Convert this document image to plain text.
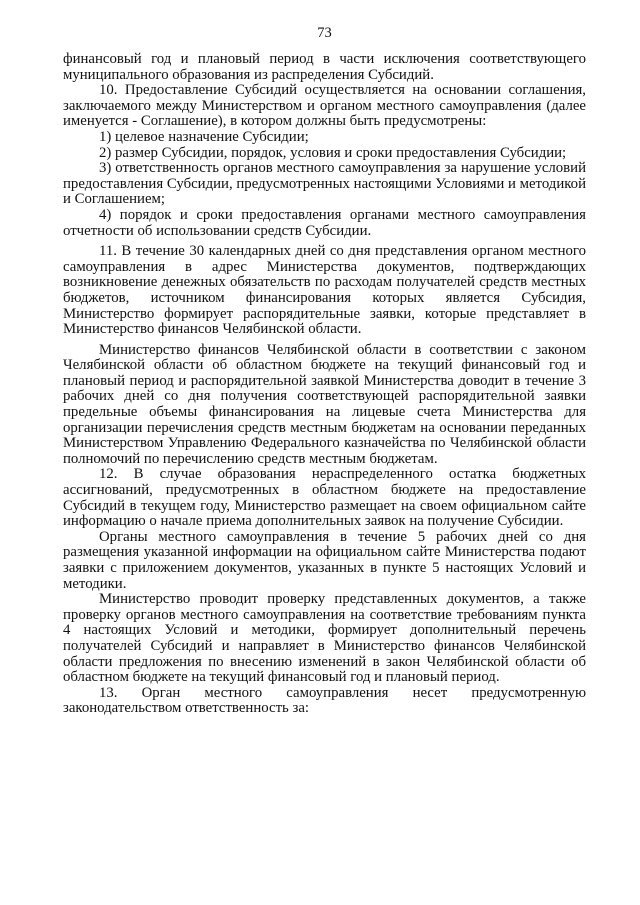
73

финансовый год и плановый период в части исключения соответствующего муниципального образования из распределения Субсидий.

10. Предоставление Субсидий осуществляется на основании соглашения, заключаемого между Министерством и органом местного самоуправления (далее именуется - Соглашение), в котором должны быть предусмотрены:

1) целевое назначение Субсидии;

2) размер Субсидии, порядок, условия и сроки предоставления Субсидии;

3) ответственность органов местного самоуправления за нарушение условий предоставления Субсидии, предусмотренных настоящими Условиями и методикой и Соглашением;

4) порядок и сроки предоставления органами местного самоуправления отчетности об использовании средств Субсидии.

11. В течение 30 календарных дней со дня представления органом местного самоуправления в адрес Министерства документов, подтверждающих возникновение денежных обязательств по расходам получателей средств местных бюджетов, источником финансирования которых является Субсидия, Министерство формирует распорядительные заявки, которые представляет в Министерство финансов Челябинской области.

Министерство финансов Челябинской области в соответствии с законом Челябинской области об областном бюджете на текущий финансовый год и плановый период и распорядительной заявкой Министерства доводит в течение 3 рабочих дней со дня получения соответствующей распорядительной заявки предельные объемы финансирования на лицевые счета Министерства для организации перечисления средств местным бюджетам на основании переданных Министерством Управлению Федерального казначейства по Челябинской области полномочий по перечислению средств местным бюджетам.

12. В случае образования нераспределенного остатка бюджетных ассигнований, предусмотренных в областном бюджете на предоставление Субсидий в текущем году, Министерство размещает на своем официальном сайте информацию о начале приема дополнительных заявок на получение Субсидии.

Органы местного самоуправления в течение 5 рабочих дней со дня размещения указанной информации на официальном сайте Министерства подают заявки с приложением документов, указанных в пункте 5 настоящих Условий и методики.

Министерство проводит проверку представленных документов, а также проверку органов местного самоуправления на соответствие требованиям пункта 4 настоящих Условий и методики, формирует дополнительный перечень получателей Субсидий и направляет в Министерство финансов Челябинской области предложения по внесению изменений в закон Челябинской области об областном бюджете на текущий финансовый год и плановый период.

13. Орган местного самоуправления несет предусмотренную законодательством ответственность за:
